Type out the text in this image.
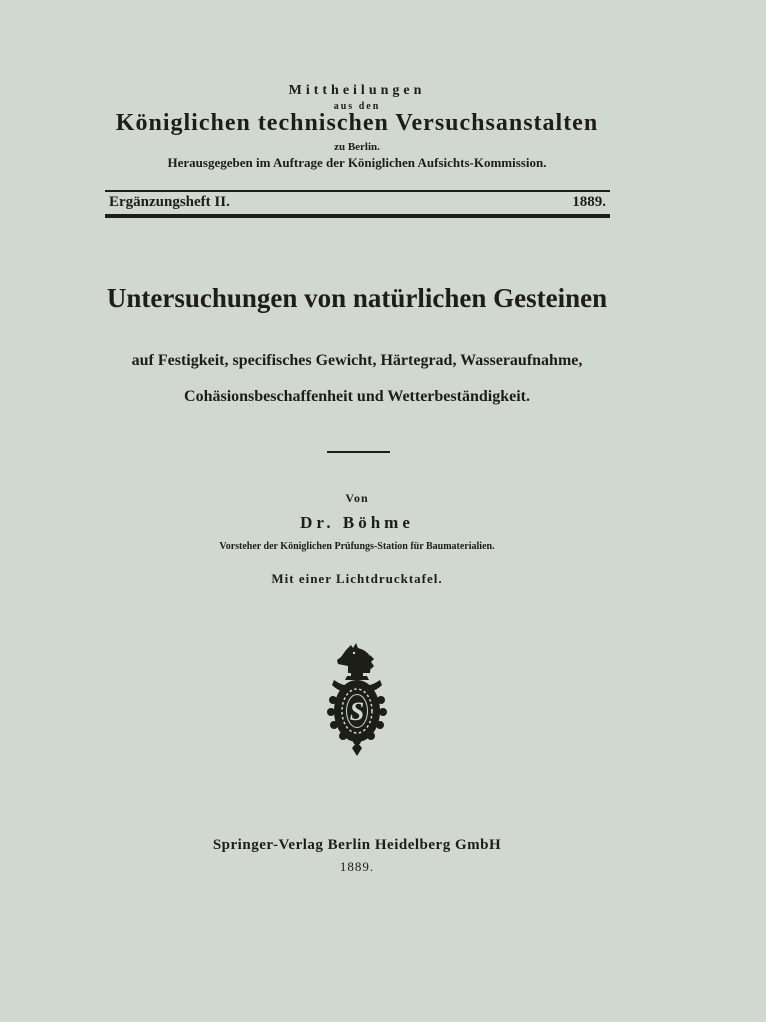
Mittheilungen
aus den
Königlichen technischen Versuchsanstalten
zu Berlin.
Herausgegeben im Auftrage der Königlichen Aufsichts-Kommission.
Ergänzungsheft II.	1889.
Untersuchungen von natürlichen Gesteinen
auf Festigkeit, specifisches Gewicht, Härtegrad, Wasseraufnahme,
Cohäsionsbeschaffenheit und Wetterbeständigkeit.
Von
Dr. Böhme
Vorsteher der Königlichen Prüfungs-Station für Baumaterialien.
Mit einer Lichtdrucktafel.
S
Springer-Verlag Berlin Heidelberg GmbH
1889.
